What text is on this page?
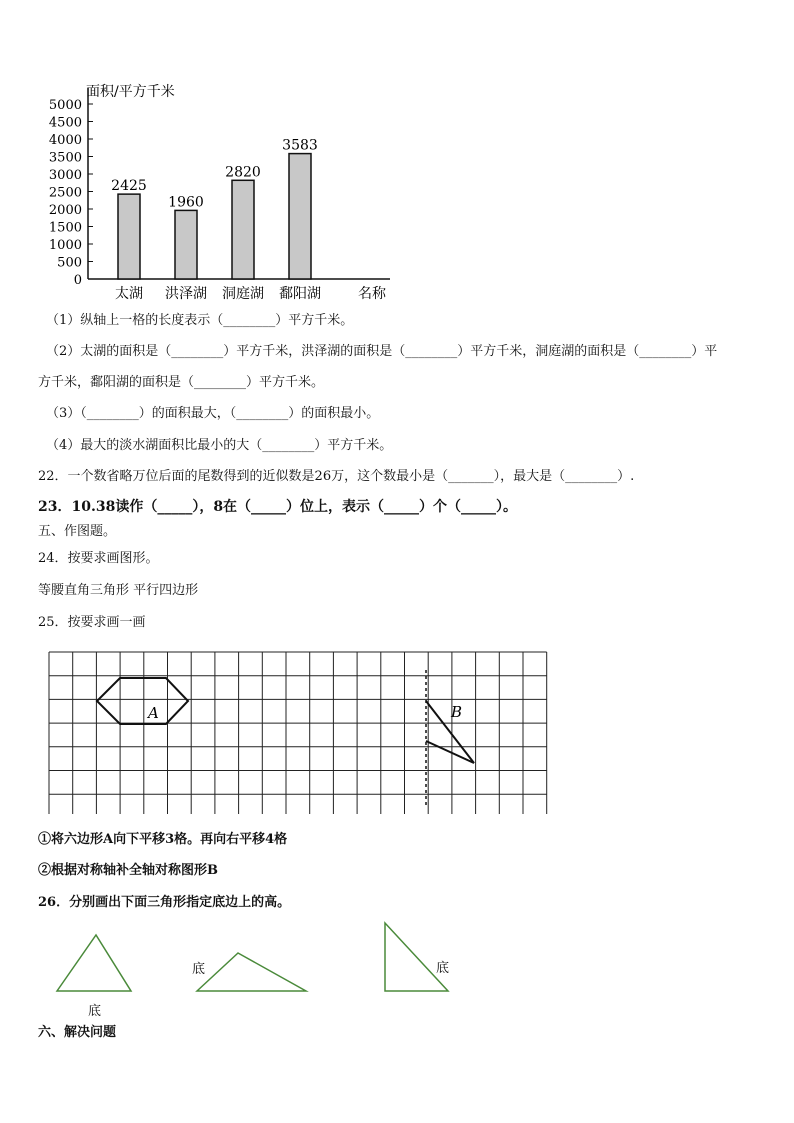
0
500
1000
1500
2000
2500
3000
3500
4000
4500
5000
2425
太湖
1960
洪泽湖
2820
洞庭湖
3583
鄱阳湖
面积/平方千米
名称
（1）纵轴上一格的长度表示（________）平方千米。
（2）太湖的面积是（________）平方千米，洪泽湖的面积是（________）平方千米，洞庭湖的面积是（________）平
方千米，鄱阳湖的面积是（________）平方千米。
（3）（________）的面积最大，（________）的面积最小。
（4）最大的淡水湖面积比最小的大（________）平方千米。
22．一个数省略万位后面的尾数得到的近似数是26万，这个数最小是（_______），最大是（________）.
23．10.38读作（_____），8在（_____）位上，表示（_____）个（_____）。
五、作图题。
24．按要求画图形。
等腰直角三角形 平行四边形
25．按要求画一画
A	B
①将六边形A向下平移3格。再向右平移4格
②根据对称轴补全轴对称图形B
26．分别画出下面三角形指定底边上的高。
底
底	底
六、解决问题
